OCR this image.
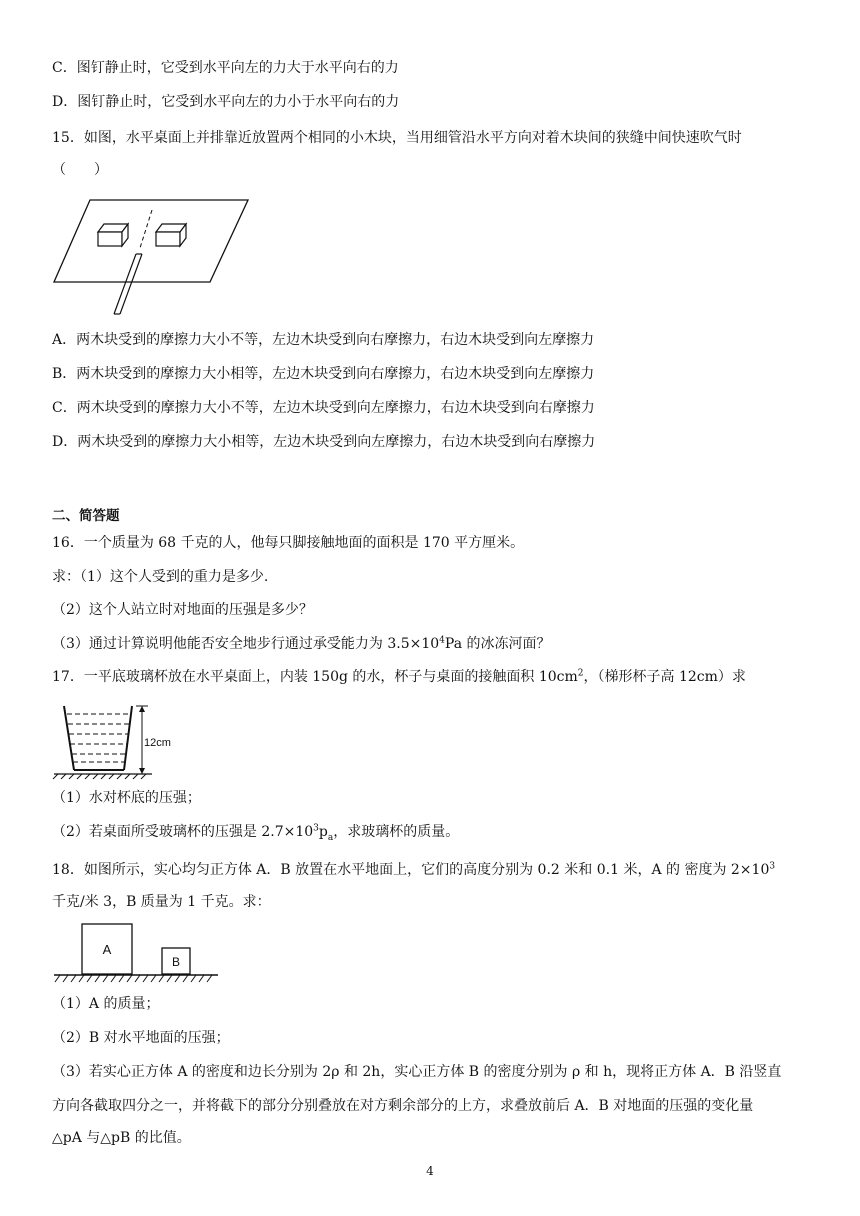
C．图钉静止时，它受到水平向左的力大于水平向右的力
D．图钉静止时，它受到水平向左的力小于水平向右的力
15．如图，水平桌面上并排靠近放置两个相同的小木块，当用细管沿水平方向对着木块间的狭缝中间快速吹气时
（　　）
A．两木块受到的摩擦力大小不等，左边木块受到向右摩擦力，右边木块受到向左摩擦力
B．两木块受到的摩擦力大小相等，左边木块受到向右摩擦力，右边木块受到向左摩擦力
C．两木块受到的摩擦力大小不等，左边木块受到向左摩擦力，右边木块受到向右摩擦力
D．两木块受到的摩擦力大小相等，左边木块受到向左摩擦力，右边木块受到向右摩擦力
二、简答题
16．一个质量为 68 千克的人，他每只脚接触地面的面积是 170 平方厘米。
求：（1）这个人受到的重力是多少.
（2）这个人站立时对地面的压强是多少？
（3）通过计算说明他能否安全地步行通过承受能力为 $3.5\times 10^4Pa$ 的冰冻河面？
17．一平底玻璃杯放在水平桌面上，内装 150g 的水，杯子与桌面的接触面积 $10cm^2$，（梯形杯子高 12cm）求
12cm
（1）水对杯底的压强；
（2）若桌面所受玻璃杯的压强是 $2.7\times 10^3p_a$，求玻璃杯的质量。
18．如图所示，实心均匀正方体 A．B 放置在水平地面上，它们的高度分别为 0.2 米和 0.1 米，A 的 密度为 $2\times 10^3$
千克/米 3，B 质量为 1 千克。求：
A
B
（1）A 的质量；
（2）B 对水平地面的压强；
（3）若实心正方体 A 的密度和边长分别为 2ρ 和 2h，实心正方体 B 的密度分别为 ρ 和 h，现将正方体 A．B 沿竖直
方向各截取四分之一，并将截下的部分分别叠放在对方剩余部分的上方，求叠放前后 A．B 对地面的压强的变化量
△pA 与△pB 的比值。
4
